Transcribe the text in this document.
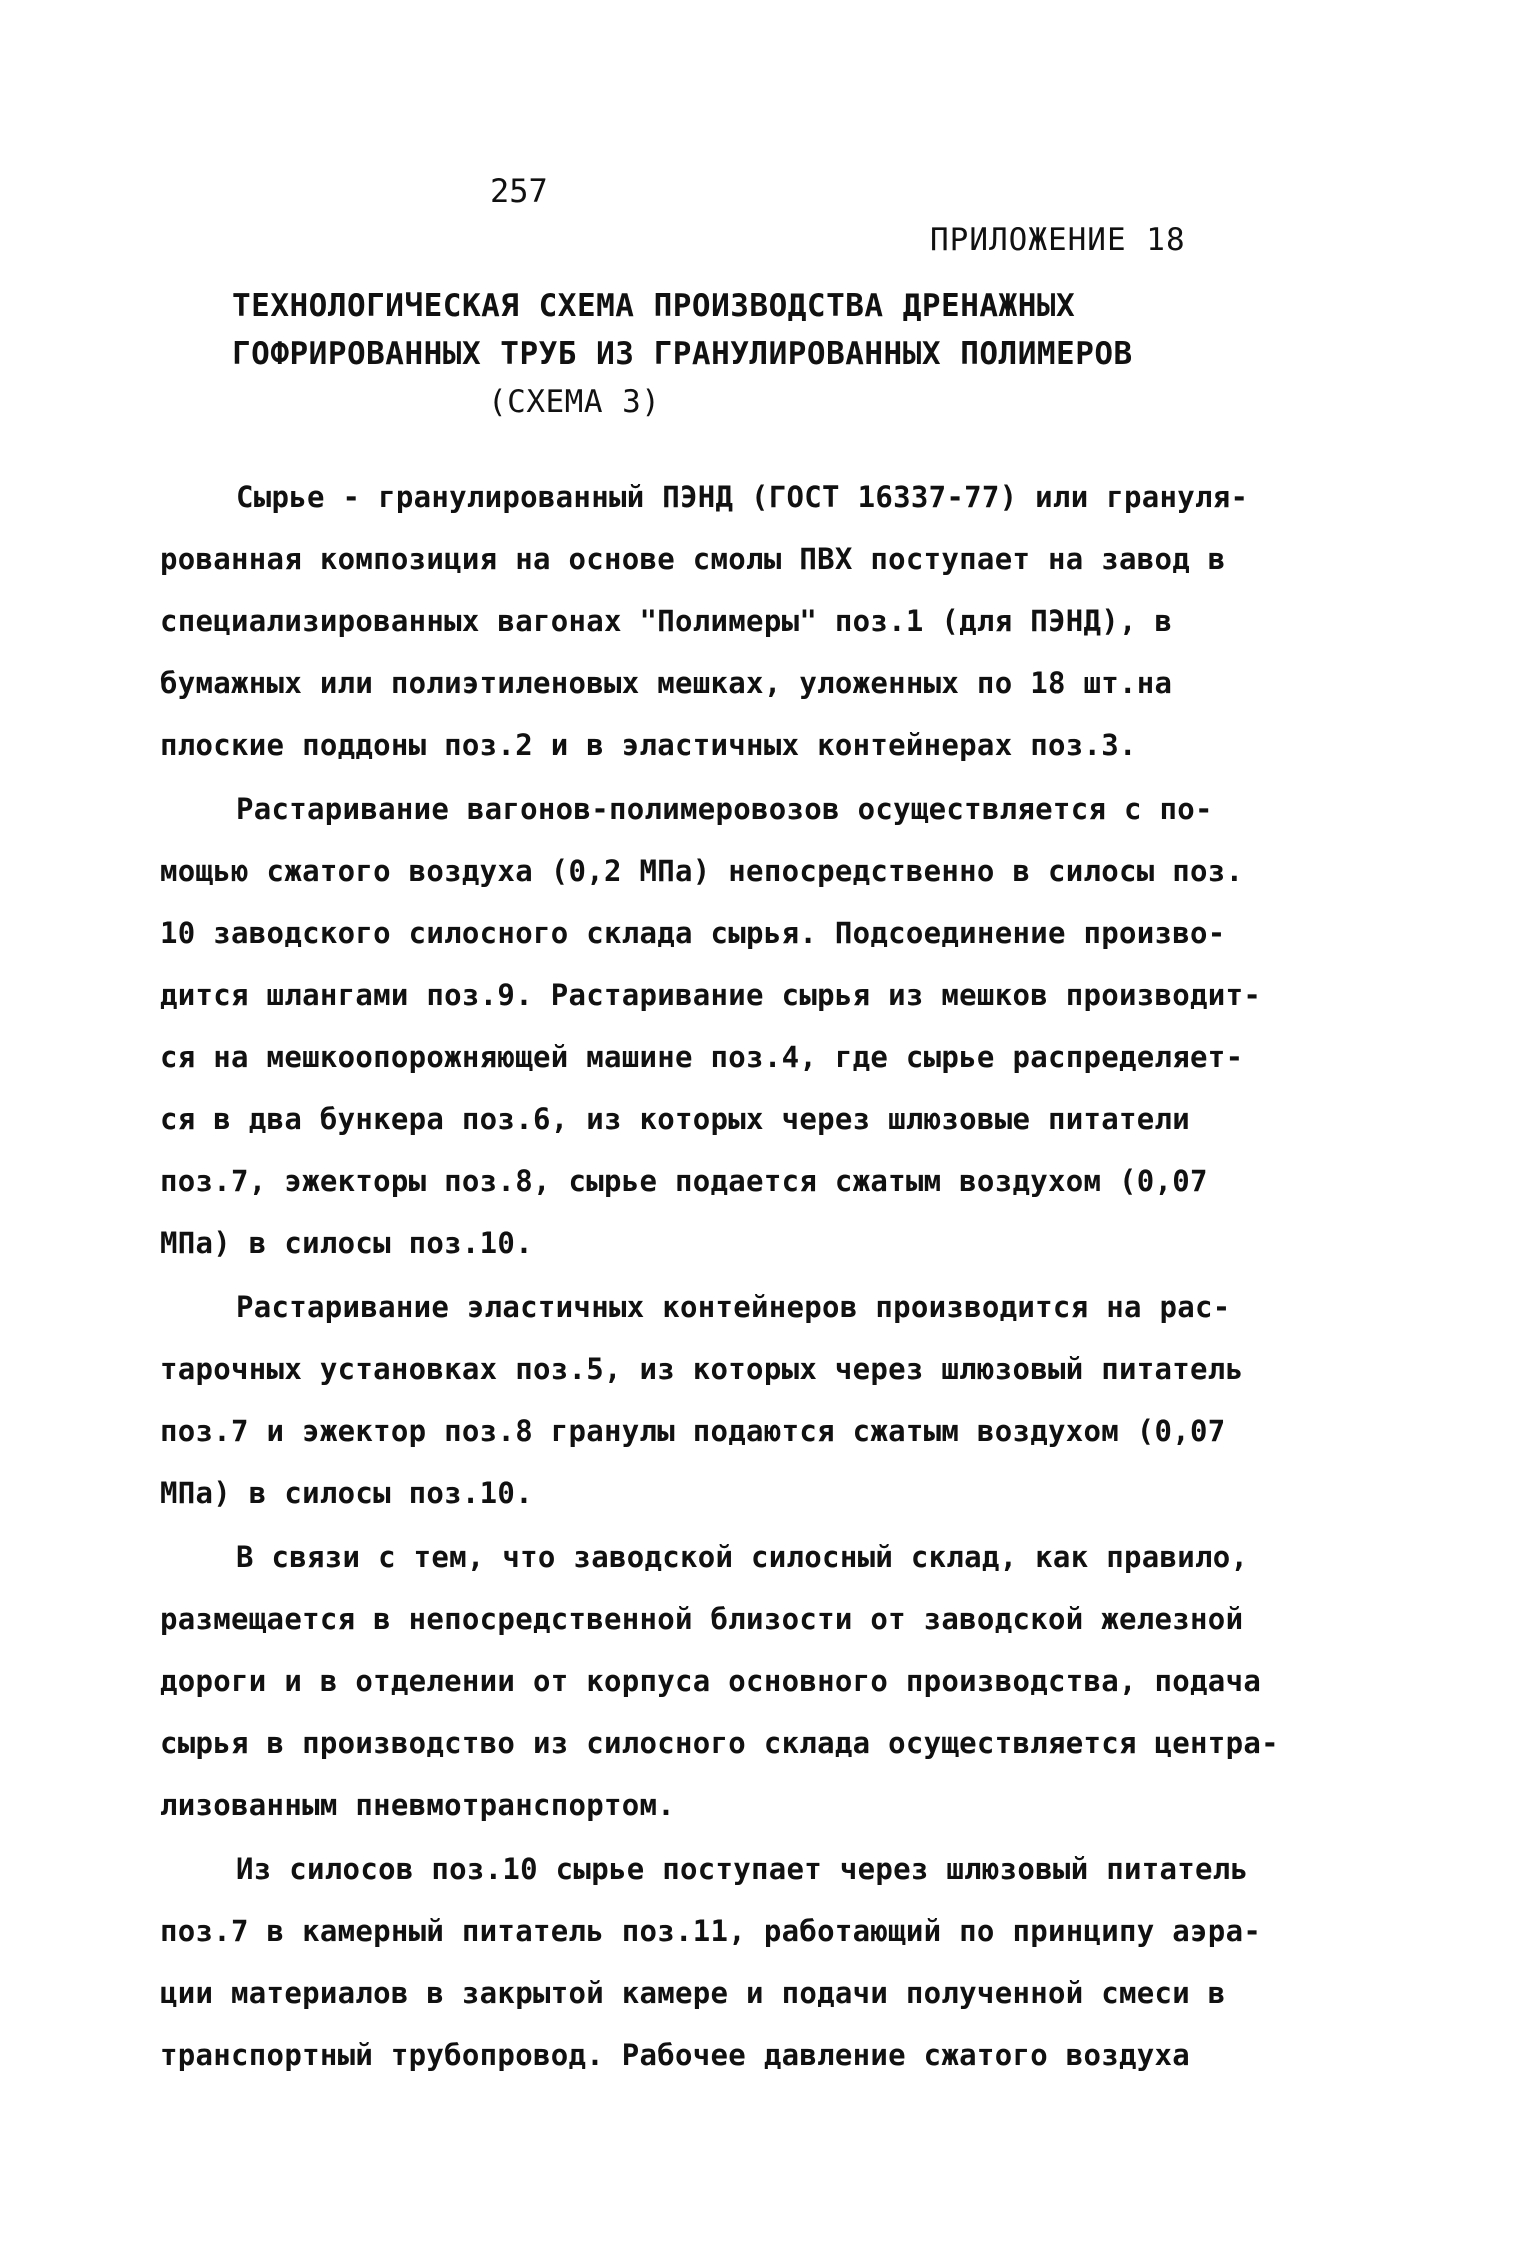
257
ПРИЛОЖЕНИЕ 18
ТЕХНОЛОГИЧЕСКАЯ СХЕМА ПРОИЗВОДСТВА ДРЕНАЖНЫХ
ГОФРИРОВАННЫХ ТРУБ ИЗ ГРАНУЛИРОВАННЫХ ПОЛИМЕРОВ
(СХЕМА 3)
Сырье - гранулированный ПЭНД (ГОСТ 16337-77) или грануля-
рованная композиция на основе смолы ПВХ поступает на завод в
специализированных вагонах "Полимеры" поз.1 (для ПЭНД), в
бумажных или полиэтиленовых мешках, уложенных по 18 шт.на
плоские поддоны поз.2 и в эластичных контейнерах поз.3.
Растаривание вагонов-полимеровозов осуществляется с по-
мощью сжатого воздуха (0,2 МПа) непосредственно в силосы поз.
10 заводского силосного склада сырья. Подсоединение произво-
дится шлангами поз.9. Растаривание сырья из мешков производит-
ся на мешкоопорожняющей машине поз.4, где сырье распределяет-
ся в два бункера поз.6, из которых через шлюзовые питатели
поз.7, эжекторы поз.8, сырье подается сжатым воздухом (0,07
МПа) в силосы поз.10.
Растаривание эластичных контейнеров производится на рас-
тарочных установках поз.5, из которых через шлюзовый питатель
поз.7 и эжектор поз.8 гранулы подаются сжатым воздухом (0,07
МПа) в силосы поз.10.
В связи с тем, что заводской силосный склад, как правило,
размещается в непосредственной близости от заводской железной
дороги и в отделении от корпуса основного производства, подача
сырья в производство из силосного склада осуществляется центра-
лизованным пневмотранспортом.
Из силосов поз.10 сырье поступает через шлюзовый питатель
поз.7 в камерный питатель поз.11, работающий по принципу аэра-
ции материалов в закрытой камере и подачи полученной смеси в
транспортный трубопровод. Рабочее давление сжатого воздуха
